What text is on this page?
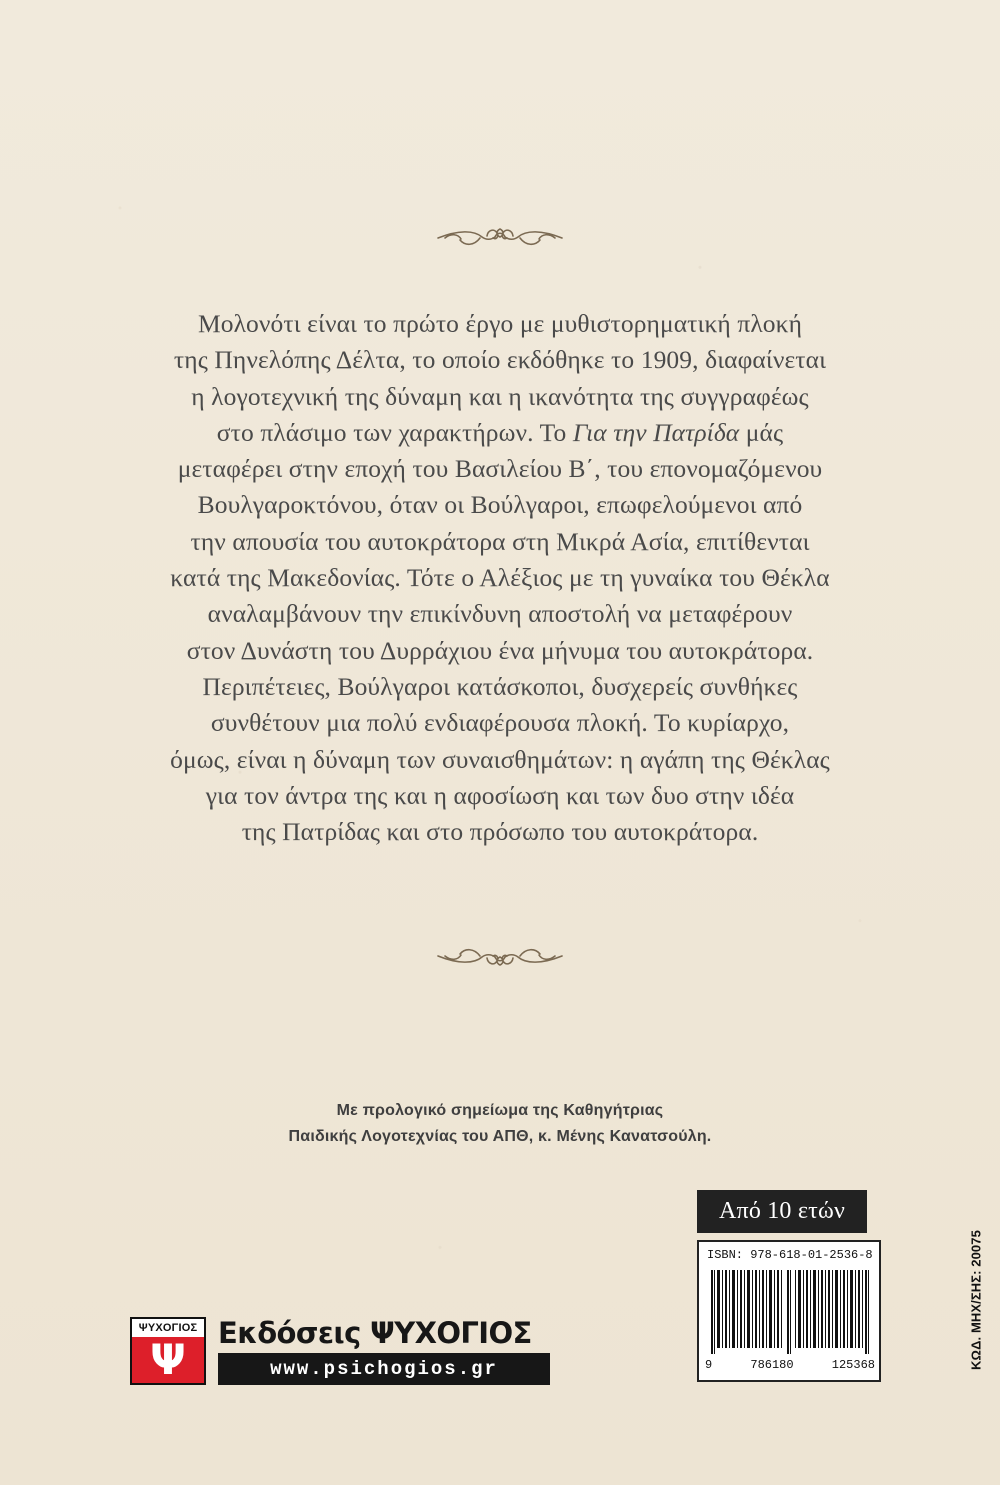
Μολονότι είναι το πρώτο έργο με μυθιστορηματική πλοκή
της Πηνελόπης Δέλτα, το οποίο εκδόθηκε το 1909, διαφαίνεται
η λογοτεχνική της δύναμη και η ικανότητα της συγγραφέως
στο πλάσιμο των χαρακτήρων. Το Για την Πατρίδα μάς
μεταφέρει στην εποχή του Βασιλείου Β΄, του επονομαζόμενου
Βουλγαροκτόνου, όταν οι Βούλγαροι, επωφελούμενοι από
την απουσία του αυτοκράτορα στη Μικρά Ασία, επιτίθενται
κατά της Μακεδονίας. Τότε ο Αλέξιος με τη γυναίκα του Θέκλα
αναλαμβάνουν την επικίνδυνη αποστολή να μεταφέρουν
στον Δυνάστη του Δυρράχιου ένα μήνυμα του αυτοκράτορα.
Περιπέτειες, Βούλγαροι κατάσκοποι, δυσχερείς συνθήκες
συνθέτουν μια πολύ ενδιαφέρουσα πλοκή. Το κυρίαρχο,
όμως, είναι η δύναμη των συναισθημάτων: η αγάπη της Θέκλας
για τον άντρα της και η αφοσίωση και των δυο στην ιδέα
της Πατρίδας και στο πρόσωπο του αυτοκράτορα.
Με προλογικό σημείωμα της Καθηγήτριας
Παιδικής Λογοτεχνίας του ΑΠΘ, κ. Μένης Κανατσούλη.
Από 10 ετών
ΨΥΧΟΓΙΟΣ
Ψ
Εκδόσεις ΨΥΧΟΓΙΟΣ
www.psichogios.gr
ISBN: 978-618-01-2536-8
9	786180	125368	ΚΩΔ. ΜΗΧ/ΣΗΣ: 20075
